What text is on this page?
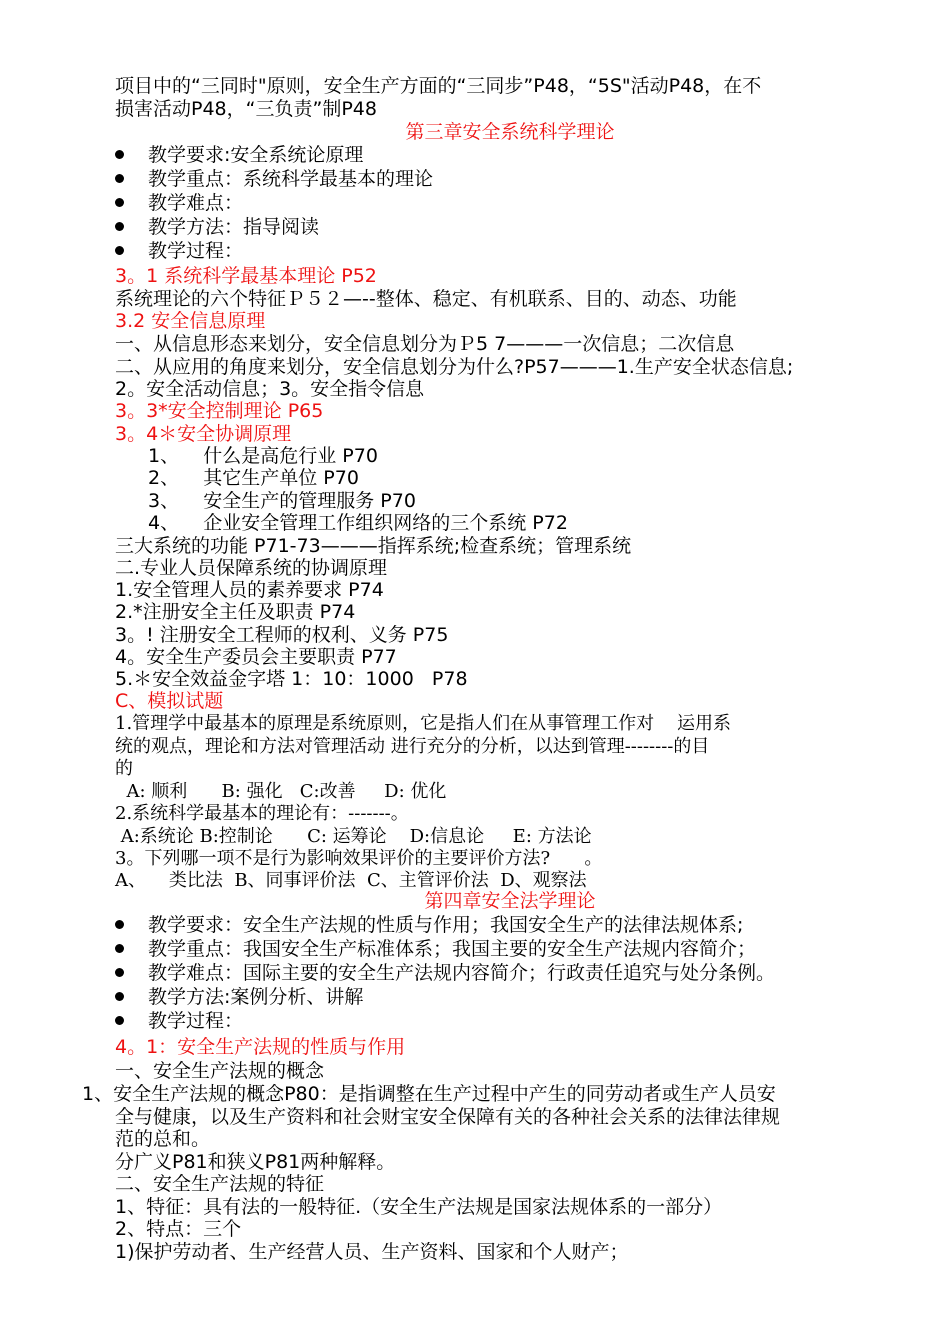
项目中的“三同时"原则，安全生产方面的“三同步”P48，“5S"活动P48，在不
损害活动P48，“三负责”制P48
第三章安全系统科学理论
教学要求:安全系统论原理
教学重点：系统科学最基本的理论
教学难点：
教学方法：指导阅读
教学过程：
3。1 系统科学最基本理论 P52
系统理论的六个特征Ｐ５２—--整体、稳定、有机联系、目的、动态、功能
3.2 安全信息原理
一、从信息形态来划分，安全信息划分为Ｐ5 7———一次信息；二次信息
二、从应用的角度来划分，安全信息划分为什么?P57———1.生产安全状态信息;
2。安全活动信息；3。安全指令信息
3。3*安全控制理论 P65
3。4＊安全协调原理
1、    什么是高危行业 P70
2、    其它生产单位 P70
3、    安全生产的管理服务 P70
4、    企业安全管理工作组织网络的三个系统 P72
三大系统的功能 P71-73———指挥系统;检查系统；管理系统
二.专业人员保障系统的协调原理
1.安全管理人员的素养要求 P74
2.*注册安全主任及职责 P74
3。! 注册安全工程师的权利、义务 P75
4。安全生产委员会主要职责 P77
5.＊安全效益金字塔 1：10：1000   P78
C、模拟试题
1.管理学中最基本的原理是系统原则，它是指人们在从事管理工作对    运用系
统的观点，理论和方法对管理活动 进行充分的分析，以达到管理--------的目
的
A: 顺利      B: 强化   C:改善     D: 优化
2.系统科学最基本的理论有：-------。
A:系统论 B:控制论      C: 运筹论    D:信息论     E: 方法论
3。下列哪一项不是行为影响效果评价的主要评价方法?      。
A、    类比法  B、同事评价法  C、主管评价法  D、观察法
第四章安全法学理论
教学要求：安全生产法规的性质与作用；我国安全生产的法律法规体系;
教学重点：我国安全生产标准体系；我国主要的安全生产法规内容简介；
教学难点：国际主要的安全生产法规内容简介；行政责任追究与处分条例。
教学方法:案例分析、讲解
教学过程：
4。1：安全生产法规的性质与作用
一、安全生产法规的概念
1、安全生产法规的概念P80：是指调整在生产过程中产生的同劳动者或生产人员安
全与健康，以及生产资料和社会财宝安全保障有关的各种社会关系的法律法律规
范的总和。
分广义P81和狭义P81两种解释。
二、安全生产法规的特征
1、特征：具有法的一般特征.（安全生产法规是国家法规体系的一部分）
2、特点：三个
1)保护劳动者、生产经营人员、生产资料、国家和个人财产；
